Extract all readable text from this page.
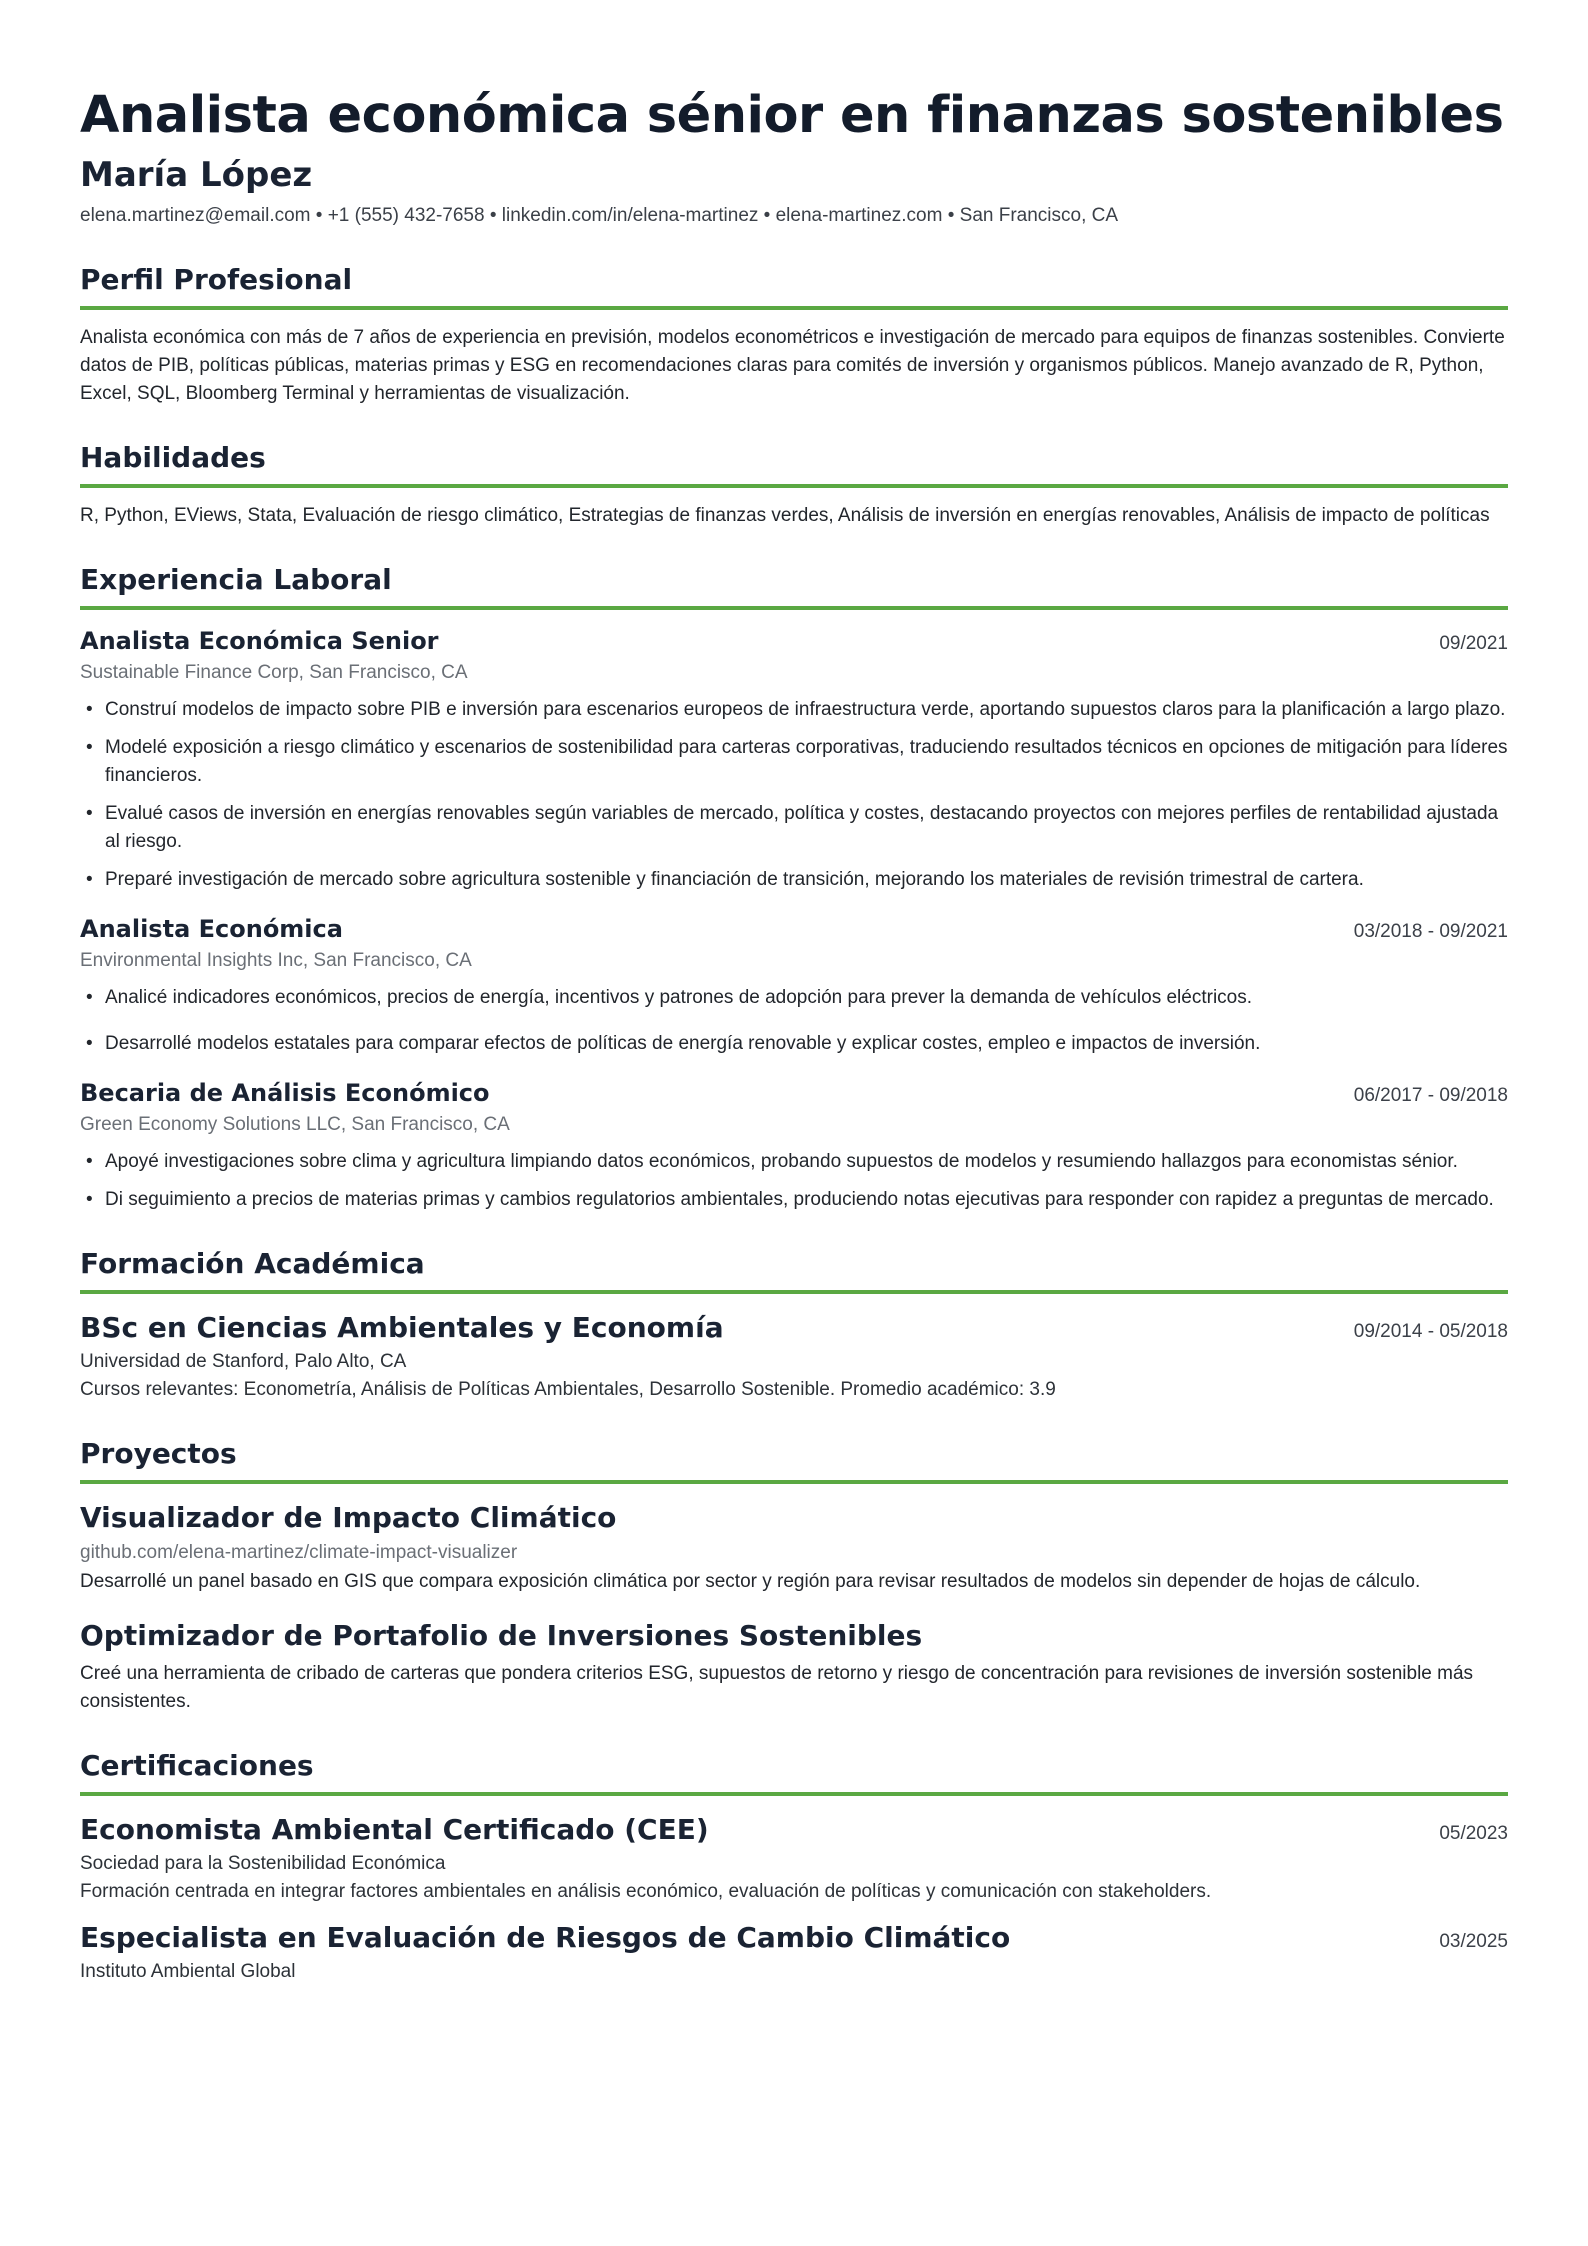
Analista económica sénior en finanzas sostenibles
María López
elena.martinez@email.com • +1 (555) 432-7658 • linkedin.com/in/elena-martinez • elena-martinez.com • San Francisco, CA
Perfil Profesional
Analista económica con más de 7 años de experiencia en previsión, modelos econométricos e investigación de mercado para equipos de finanzas sostenibles. Convierte datos de PIB, políticas públicas, materias primas y ESG en recomendaciones claras para comités de inversión y organismos públicos. Manejo avanzado de R, Python, Excel, SQL, Bloomberg Terminal y herramientas de visualización.
Habilidades
R, Python, EViews, Stata, Evaluación de riesgo climático, Estrategias de finanzas verdes, Análisis de inversión en energías renovables, Análisis de impacto de políticas
Experiencia Laboral
Analista Económica Senior	09/2021
Sustainable Finance Corp, San Francisco, CA
• Construí modelos de impacto sobre PIB e inversión para escenarios europeos de infraestructura verde, aportando supuestos claros para la planificación a largo plazo.
• Modelé exposición a riesgo climático y escenarios de sostenibilidad para carteras corporativas, traduciendo resultados técnicos en opciones de mitigación para líderes financieros.
• Evalué casos de inversión en energías renovables según variables de mercado, política y costes, destacando proyectos con mejores perfiles de rentabilidad ajustada al riesgo.
• Preparé investigación de mercado sobre agricultura sostenible y financiación de transición, mejorando los materiales de revisión trimestral de cartera.
Analista Económica	03/2018 - 09/2021
Environmental Insights Inc, San Francisco, CA
• Analicé indicadores económicos, precios de energía, incentivos y patrones de adopción para prever la demanda de vehículos eléctricos.
• Desarrollé modelos estatales para comparar efectos de políticas de energía renovable y explicar costes, empleo e impactos de inversión.
Becaria de Análisis Económico	06/2017 - 09/2018
Green Economy Solutions LLC, San Francisco, CA
• Apoyé investigaciones sobre clima y agricultura limpiando datos económicos, probando supuestos de modelos y resumiendo hallazgos para economistas sénior.
• Di seguimiento a precios de materias primas y cambios regulatorios ambientales, produciendo notas ejecutivas para responder con rapidez a preguntas de mercado.
Formación Académica
BSc en Ciencias Ambientales y Economía	09/2014 - 05/2018
Universidad de Stanford, Palo Alto, CA
Cursos relevantes: Econometría, Análisis de Políticas Ambientales, Desarrollo Sostenible. Promedio académico: 3.9
Proyectos
Visualizador de Impacto Climático
github.com/elena-martinez/climate-impact-visualizer
Desarrollé un panel basado en GIS que compara exposición climática por sector y región para revisar resultados de modelos sin depender de hojas de cálculo.
Optimizador de Portafolio de Inversiones Sostenibles
Creé una herramienta de cribado de carteras que pondera criterios ESG, supuestos de retorno y riesgo de concentración para revisiones de inversión sostenible más consistentes.
Certificaciones
Economista Ambiental Certificado (CEE)	05/2023
Sociedad para la Sostenibilidad Económica
Formación centrada en integrar factores ambientales en análisis económico, evaluación de políticas y comunicación con stakeholders.
Especialista en Evaluación de Riesgos de Cambio Climático	03/2025
Instituto Ambiental Global
